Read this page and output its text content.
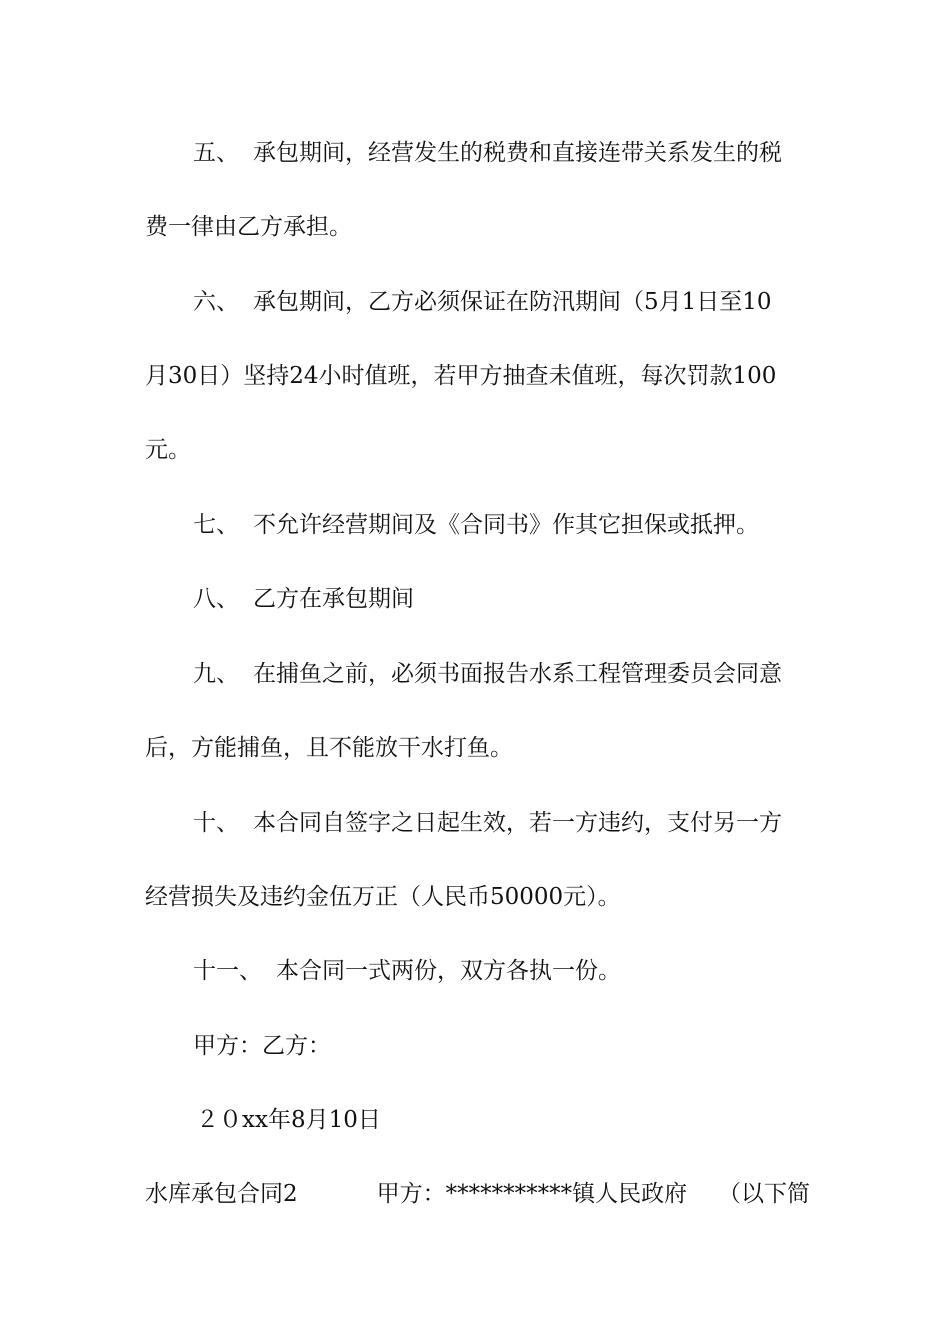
五、 承包期间，经营发生的税费和直接连带关系发生的税
费一律由乙方承担。
六、 承包期间，乙方必须保证在防汛期间（5月1日至10
月30日）坚持24小时值班，若甲方抽查未值班，每次罚款100
元。
七、 不允许经营期间及《合同书》作其它担保或抵押。
八、 乙方在承包期间
九、 在捕鱼之前，必须书面报告水系工程管理委员会同意
后，方能捕鱼，且不能放干水打鱼。
十、 本合同自签字之日起生效，若一方违约，支付另一方
经营损失及违约金伍万正（人民币50000元）。
十一、 本合同一式两份，双方各执一份。
甲方：乙方：
２０xx年8月10日
水库承包合同2	甲方：***********镇人民政府 （以下简
